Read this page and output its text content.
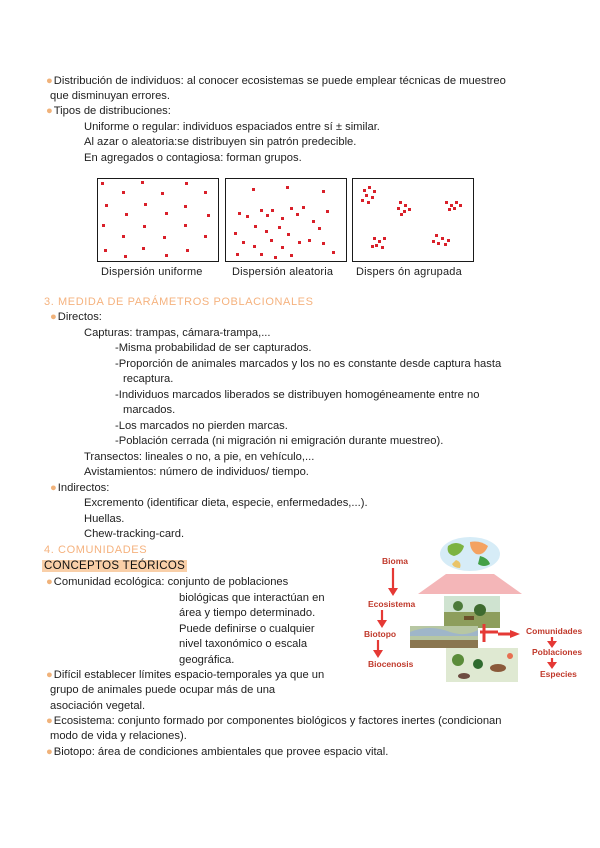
●Distribución de individuos: al conocer ecosistemas se puede emplear técnicas de muestreo
que disminuyan errores.
●Tipos de distribuciones:
Uniforme o regular: individuos espaciados entre sí ± similar.
Al azar o aleatoria:se distribuyen sin patrón predecible.
En agregados o contagiosa: forman grupos.
Dispersión uniforme	Dispersión aleatoria Dispers ón agrupada
3. MEDIDA DE PARÁMETROS POBLACIONALES
●Directos:
Capturas: trampas, cámara-trampa,...
-Misma probabilidad de ser capturados.
-Proporción de animales marcados y los no es constante desde captura hasta
recaptura.
-Individuos marcados liberados se distribuyen homogéneamente entre no
marcados.
-Los marcados no pierden marcas.
-Población cerrada (ni migración ni emigración durante muestreo).
Transectos: lineales o no, a pie, en vehículo,...
Avistamientos: número de individuos/ tiempo.
●Indirectos:
Excremento (identificar dieta, especie, enfermedades,...).
Huellas.
Chew-tracking-card.
4. COMUNIDADES
CONCEPTOS TEÓRICOS
●Comunidad ecológica: conjunto de poblaciones
biológicas que interactúan en
área y tiempo determinado.
Puede definirse o cualquier
nivel taxonómico o escala
geográfica.
●Difícil establecer límites espacio-temporales ya que un
grupo de animales puede ocupar más de una
asociación vegetal.
●Ecosistema: conjunto formado por componentes biológicos y factores inertes (condicionan
modo de vida y relaciones).
●Biotopo: área de condiciones ambientales que provee espacio vital.
Bioma
Ecosistema
Biotopo
Biocenosis
Comunidades
Poblaciones
Especies
